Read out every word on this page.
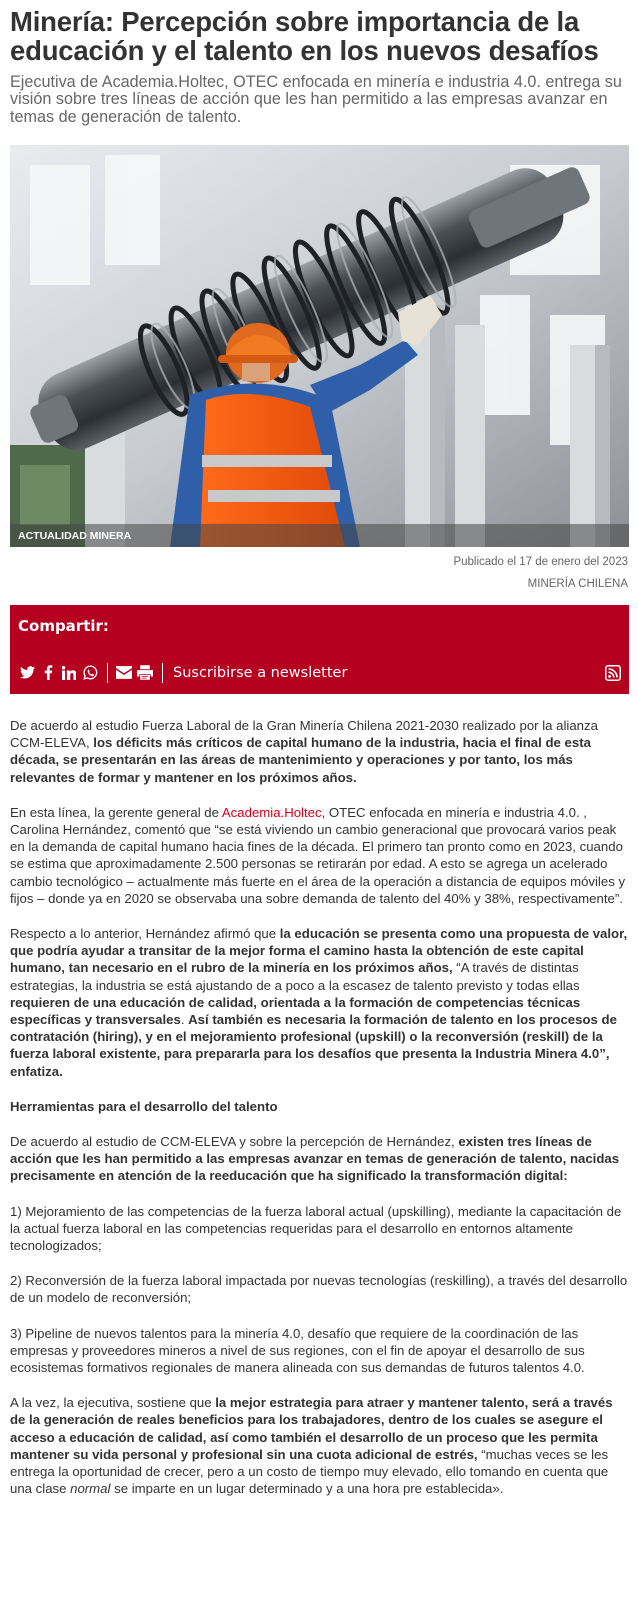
Minería: Percepción sobre importancia de la educación y el talento en los nuevos desafíos

Ejecutiva de Academia.Holtec, OTEC enfocada en minería e industria 4.0. entrega su visión sobre tres líneas de acción que les han permitido a las empresas avanzar en temas de generación de talento.

ACTUALIDAD MINERA
Publicado el 17 de enero del 2023
MINERÍA CHILENA
Compartir:
Suscribirse a newsletter

De acuerdo al estudio Fuerza Laboral de la Gran Minería Chilena 2021-2030 realizado por la alianza CCM-ELEVA, los déficits más críticos de capital humano de la industria, hacia el final de esta década, se presentarán en las áreas de mantenimiento y operaciones y por tanto, los más relevantes de formar y mantener en los próximos años.

En esta línea, la gerente general de Academia.Holtec, OTEC enfocada en minería e industria 4.0. , Carolina Hernández, comentó que “se está viviendo un cambio generacional que provocará varios peak en la demanda de capital humano hacia fines de la década. El primero tan pronto como en 2023, cuando se estima que aproximadamente 2.500 personas se retirarán por edad. A esto se agrega un acelerado cambio tecnológico – actualmente más fuerte en el área de la operación a distancia de equipos móviles y fijos – donde ya en 2020 se observaba una sobre demanda de talento del 40% y 38%, respectivamente”.

Respecto a lo anterior, Hernández afirmó que la educación se presenta como una propuesta de valor, que podría ayudar a transitar de la mejor forma el camino hasta la obtención de este capital humano, tan necesario en el rubro de la minería en los próximos años, “A través de distintas estrategias, la industria se está ajustando de a poco a la escasez de talento previsto y todas ellas requieren de una educación de calidad, orientada a la formación de competencias técnicas específicas y transversales. Así también es necesaria la formación de talento en los procesos de contratación (hiring), y en el mejoramiento profesional (upskill) o la reconversión (reskill) de la fuerza laboral existente, para prepararla para los desafíos que presenta la Industria Minera 4.0”, enfatiza.

Herramientas para el desarrollo del talento

De acuerdo al estudio de CCM-ELEVA y sobre la percepción de Hernández, existen tres líneas de acción que les han permitido a las empresas avanzar en temas de generación de talento, nacidas precisamente en atención de la reeducación que ha significado la transformación digital:

1) Mejoramiento de las competencias de la fuerza laboral actual (upskilling), mediante la capacitación de la actual fuerza laboral en las competencias requeridas para el desarrollo en entornos altamente tecnologizados;

2) Reconversión de la fuerza laboral impactada por nuevas tecnologías (reskilling), a través del desarrollo de un modelo de reconversión;

3) Pipeline de nuevos talentos para la minería 4.0, desafío que requiere de la coordinación de las empresas y proveedores mineros a nivel de sus regiones, con el fin de apoyar el desarrollo de sus ecosistemas formativos regionales de manera alineada con sus demandas de futuros talentos 4.0.

A la vez, la ejecutiva, sostiene que la mejor estrategia para atraer y mantener talento, será a través de la generación de reales beneficios para los trabajadores, dentro de los cuales se asegure el acceso a educación de calidad, así como también el desarrollo de un proceso que les permita mantener su vida personal y profesional sin una cuota adicional de estrés, “muchas veces se les entrega la oportunidad de crecer, pero a un costo de tiempo muy elevado, ello tomando en cuenta que una clase normal se imparte en un lugar determinado y a una hora pre establecida».
